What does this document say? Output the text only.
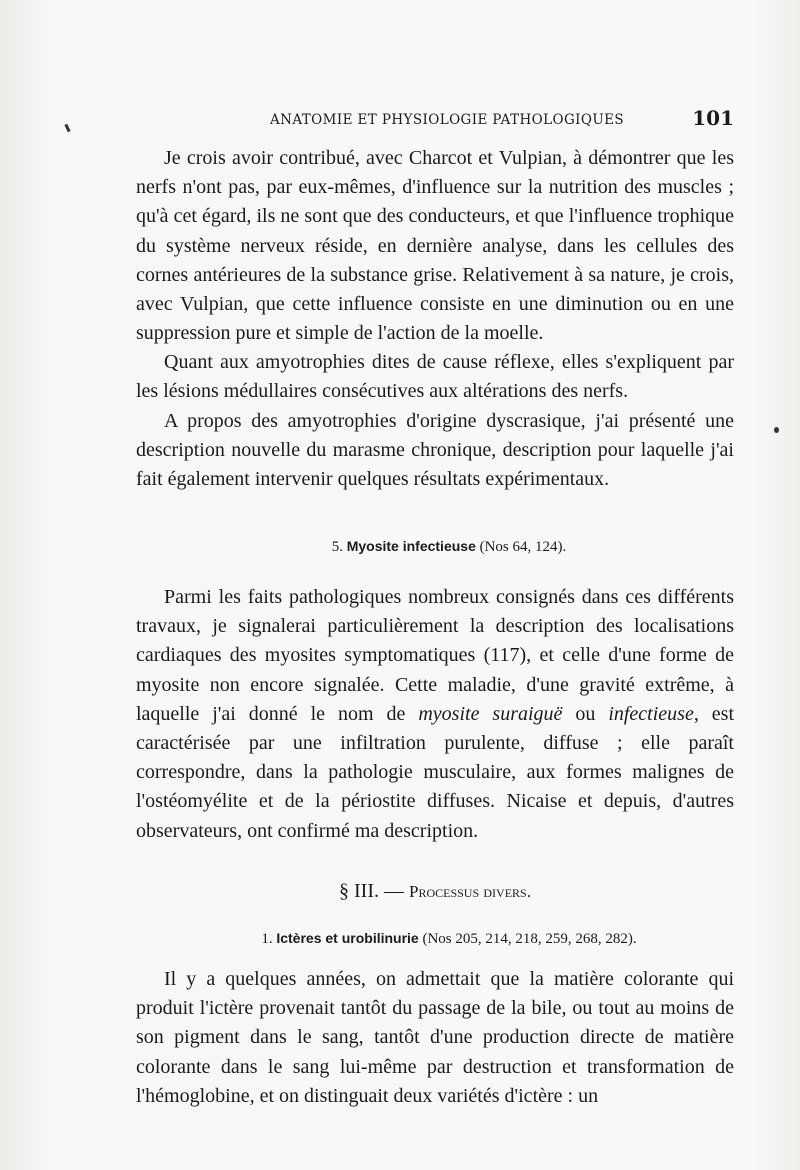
ANATOMIE ET PHYSIOLOGIE PATHOLOGIQUES	101

Je crois avoir contribué, avec Charcot et Vulpian, à démontrer que les nerfs n'ont pas, par eux-mêmes, d'influence sur la nutrition des muscles ; qu'à cet égard, ils ne sont que des conducteurs, et que l'influence trophique du système nerveux réside, en dernière analyse, dans les cellules des cornes antérieures de la substance grise. Relativement à sa nature, je crois, avec Vulpian, que cette influence consiste en une diminution ou en une suppression pure et simple de l'action de la moelle.

Quant aux amyotrophies dites de cause réflexe, elles s'expliquent par les lésions médullaires consécutives aux altérations des nerfs.

A propos des amyotrophies d'origine dyscrasique, j'ai présenté une description nouvelle du marasme chronique, description pour laquelle j'ai fait également intervenir quelques résultats expérimentaux.

5. Myosite infectieuse (Nos 64, 124).

Parmi les faits pathologiques nombreux consignés dans ces différents travaux, je signalerai particulièrement la description des localisations cardiaques des myosites symptomatiques (117), et celle d'une forme de myosite non encore signalée. Cette maladie, d'une gravité extrême, à laquelle j'ai donné le nom de myosite suraiguë ou infectieuse, est caractérisée par une infiltration purulente, diffuse ; elle paraît correspondre, dans la pathologie musculaire, aux formes malignes de l'ostéomyélite et de la périostite diffuses. Nicaise et depuis, d'autres observateurs, ont confirmé ma description.

§ III. — Processus divers.
1. Ictères et urobilinurie (Nos 205, 214, 218, 259, 268, 282).

Il y a quelques années, on admettait que la matière colorante qui produit l'ictère provenait tantôt du passage de la bile, ou tout au moins de son pigment dans le sang, tantôt d'une production directe de matière colorante dans le sang lui-même par destruction et transformation de l'hémoglobine, et on distinguait deux variétés d'ictère : un
